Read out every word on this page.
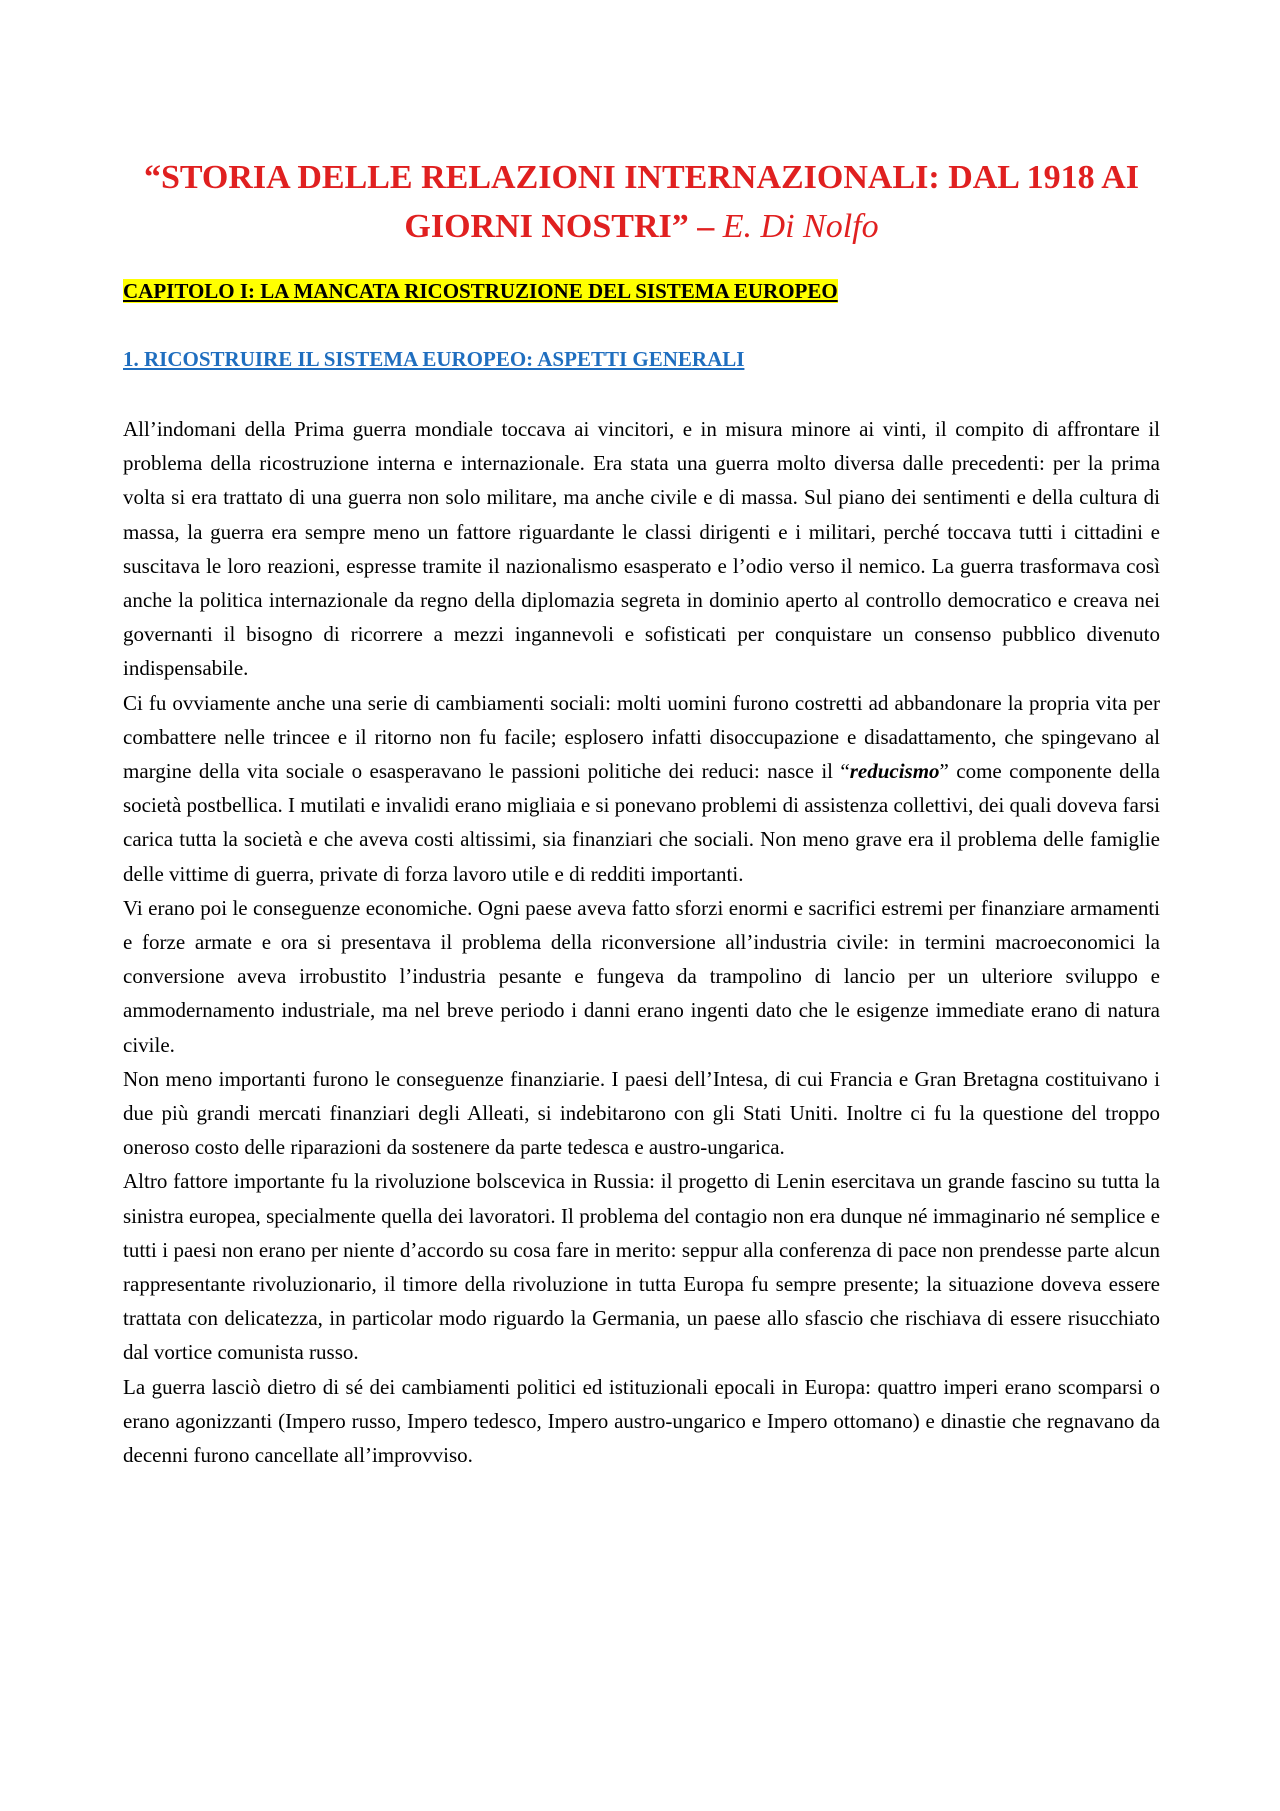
“STORIA DELLE RELAZIONI INTERNAZIONALI: DAL 1918 AI GIORNI NOSTRI” – E. Di Nolfo
CAPITOLO I: LA MANCATA RICOSTRUZIONE DEL SISTEMA EUROPEO
1. RICOSTRUIRE IL SISTEMA EUROPEO: ASPETTI GENERALI

All’indomani della Prima guerra mondiale toccava ai vincitori, e in misura minore ai vinti, il compito di affrontare il problema della ricostruzione interna e internazionale. Era stata una guerra molto diversa dalle precedenti: per la prima volta si era trattato di una guerra non solo militare, ma anche civile e di massa. Sul piano dei sentimenti e della cultura di massa, la guerra era sempre meno un fattore riguardante le classi dirigenti e i militari, perché toccava tutti i cittadini e suscitava le loro reazioni, espresse tramite il nazionalismo esasperato e l’odio verso il nemico. La guerra trasformava così anche la politica internazionale da regno della diplomazia segreta in dominio aperto al controllo democratico e creava nei governanti il bisogno di ricorrere a mezzi ingannevoli e sofisticati per conquistare un consenso pubblico divenuto indispensabile.

Ci fu ovviamente anche una serie di cambiamenti sociali: molti uomini furono costretti ad abbandonare la propria vita per combattere nelle trincee e il ritorno non fu facile; esplosero infatti disoccupazione e disadattamento, che spingevano al margine della vita sociale o esasperavano le passioni politiche dei reduci: nasce il “reducismo” come componente della società postbellica. I mutilati e invalidi erano migliaia e si ponevano problemi di assistenza collettivi, dei quali doveva farsi carica tutta la società e che aveva costi altissimi, sia finanziari che sociali. Non meno grave era il problema delle famiglie delle vittime di guerra, private di forza lavoro utile e di redditi importanti.

Vi erano poi le conseguenze economiche. Ogni paese aveva fatto sforzi enormi e sacrifici estremi per finanziare armamenti e forze armate e ora si presentava il problema della riconversione all’industria civile: in termini macroeconomici la conversione aveva irrobustito l’industria pesante e fungeva da trampolino di lancio per un ulteriore sviluppo e ammodernamento industriale, ma nel breve periodo i danni erano ingenti dato che le esigenze immediate erano di natura civile.

Non meno importanti furono le conseguenze finanziarie. I paesi dell’Intesa, di cui Francia e Gran Bretagna costituivano i due più grandi mercati finanziari degli Alleati, si indebitarono con gli Stati Uniti. Inoltre ci fu la questione del troppo oneroso costo delle riparazioni da sostenere da parte tedesca e austro-ungarica.

Altro fattore importante fu la rivoluzione bolscevica in Russia: il progetto di Lenin esercitava un grande fascino su tutta la sinistra europea, specialmente quella dei lavoratori. Il problema del contagio non era dunque né immaginario né semplice e tutti i paesi non erano per niente d’accordo su cosa fare in merito: seppur alla conferenza di pace non prendesse parte alcun rappresentante rivoluzionario, il timore della rivoluzione in tutta Europa fu sempre presente; la situazione doveva essere trattata con delicatezza, in particolar modo riguardo la Germania, un paese allo sfascio che rischiava di essere risucchiato dal vortice comunista russo.

La guerra lasciò dietro di sé dei cambiamenti politici ed istituzionali epocali in Europa: quattro imperi erano scomparsi o erano agonizzanti (Impero russo, Impero tedesco, Impero austro-ungarico e Impero ottomano) e dinastie che regnavano da decenni furono cancellate all’improvviso.
